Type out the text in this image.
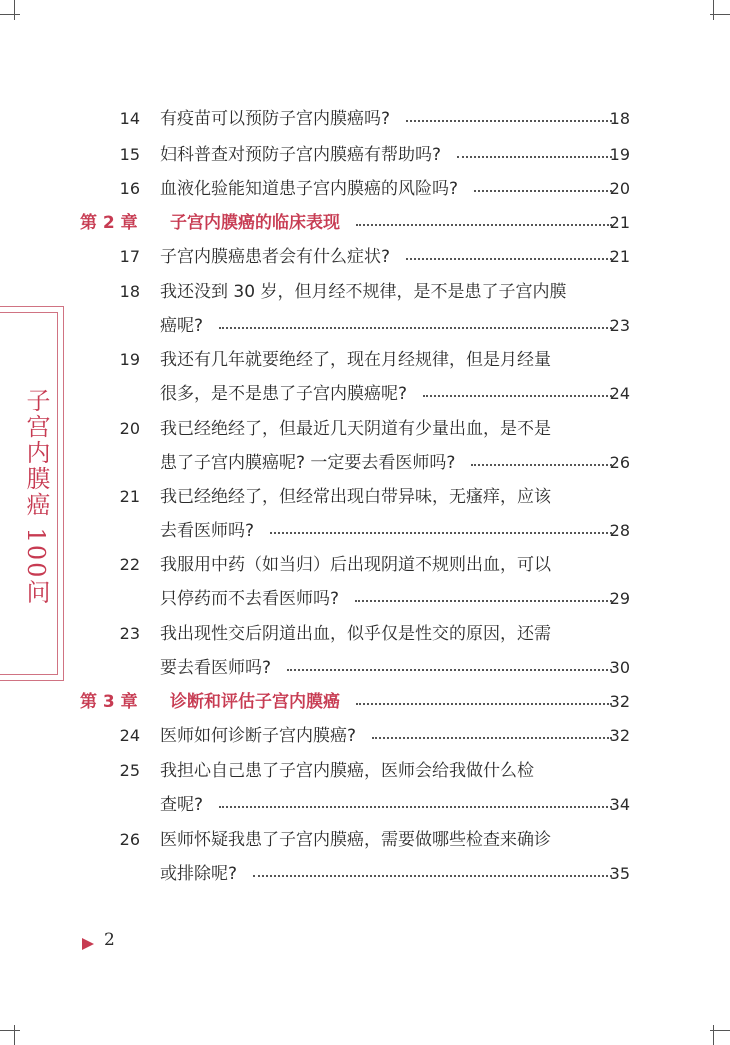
子宫内膜癌 100问
14 有疫苗可以预防子宫内膜癌吗?	18
15 妇科普查对预防子宫内膜癌有帮助吗?	19
16 血液化验能知道患子宫内膜癌的风险吗?	20
第 2 章 子宫内膜癌的临床表现	21
17 子宫内膜癌患者会有什么症状?	21
18 我还没到 30 岁，但月经不规律，是不是患了子宫内膜
癌呢?	23
19 我还有几年就要绝经了，现在月经规律，但是月经量
很多，是不是患了子宫内膜癌呢?	24
20 我已经绝经了，但最近几天阴道有少量出血，是不是
患了子宫内膜癌呢? 一定要去看医师吗?	26
21 我已经绝经了，但经常出现白带异味，无瘙痒，应该
去看医师吗?	28
22 我服用中药（如当归）后出现阴道不规则出血，可以
只停药而不去看医师吗?	29
23 我出现性交后阴道出血，似乎仅是性交的原因，还需
要去看医师吗?	30
第 3 章 诊断和评估子宫内膜癌	32
24 医师如何诊断子宫内膜癌?	32
25 我担心自己患了子宫内膜癌，医师会给我做什么检
查呢?	34
26 医师怀疑我患了子宫内膜癌，需要做哪些检查来确诊
或排除呢?	35
2
